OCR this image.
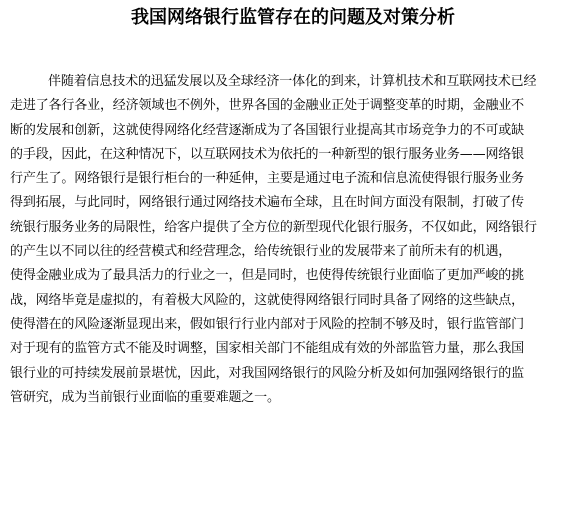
我国网络银行监管存在的问题及对策分析
伴随着信息技术的迅猛发展以及全球经济一体化的到来，计算机技术和互联网技术已经
走进了各行各业，经济领域也不例外，世界各国的金融业正处于调整变革的时期，金融业不
断的发展和创新，这就使得网络化经营逐渐成为了各国银行业提高其市场竞争力的不可或缺
的手段，因此，在这种情况下，以互联网技术为依托的一种新型的银行服务业务——网络银
行产生了。网络银行是银行柜台的一种延伸，主要是通过电子流和信息流使得银行服务业务
得到拓展，与此同时，网络银行通过网络技术遍布全球，且在时间方面没有限制，打破了传
统银行服务业务的局限性，给客户提供了全方位的新型现代化银行服务，不仅如此，网络银行
的产生以不同以往的经营模式和经营理念，给传统银行业的发展带来了前所未有的机遇，
使得金融业成为了最具活力的行业之一，但是同时，也使得传统银行业面临了更加严峻的挑
战，网络毕竟是虚拟的，有着极大风险的，这就使得网络银行同时具备了网络的这些缺点，
使得潜在的风险逐渐显现出来，假如银行行业内部对于风险的控制不够及时，银行监管部门
对于现有的监管方式不能及时调整，国家相关部门不能组成有效的外部监管力量，那么我国
银行业的可持续发展前景堪忧，因此，对我国网络银行的风险分析及如何加强网络银行的监
管研究，成为当前银行业面临的重要难题之一。
